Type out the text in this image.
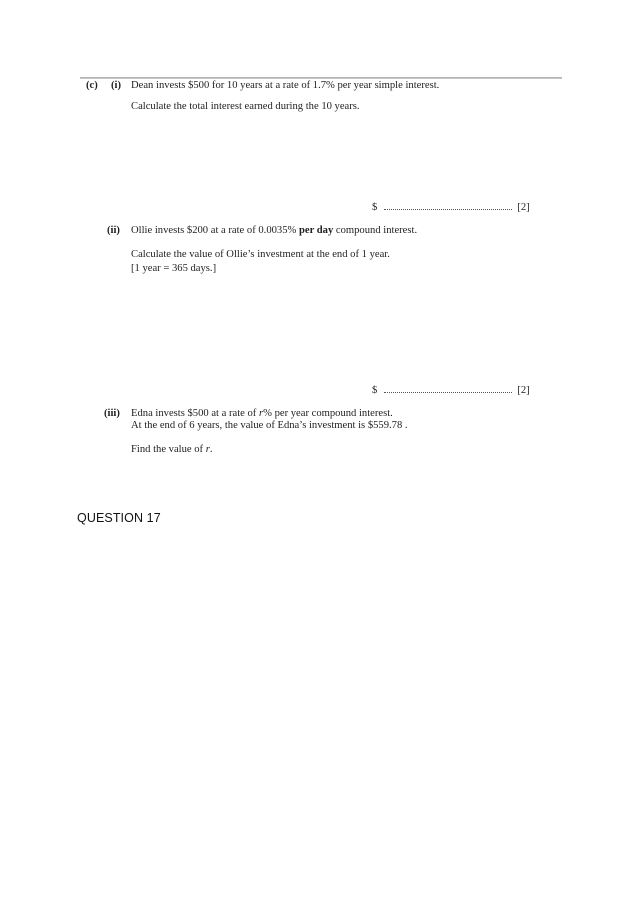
(c) (i) Dean invests $500 for 10 years at a rate of 1.7% per year simple interest.
Calculate the total interest earned during the 10 years.
$	[2]
(ii) Ollie invests $200 at a rate of 0.0035% per day compound interest.
Calculate the value of Ollie’s investment at the end of 1 year.
[1 year = 365 days.]
$	[2]
(iii) Edna invests $500 at a rate of r% per year compound interest.
At the end of 6 years, the value of Edna’s investment is $559.78 .
Find the value of r.
QUESTION 17
